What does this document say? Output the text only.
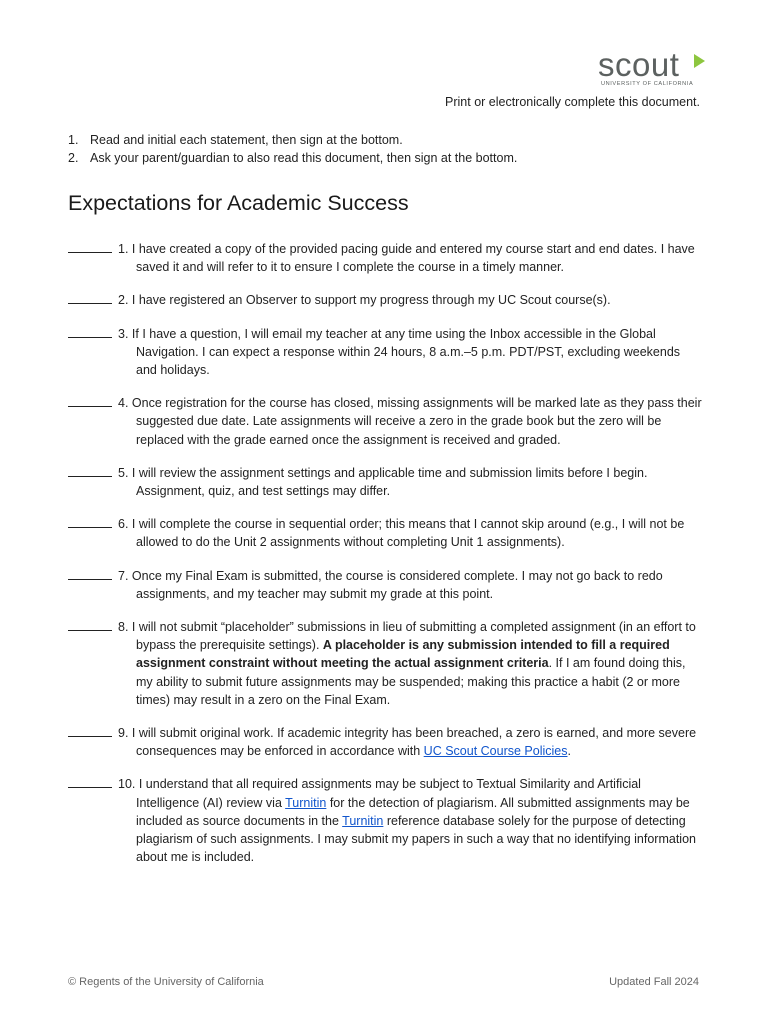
scout
UNIVERSITY OF CALIFORNIA
Print or electronically complete this document.
1. Read and initial each statement, then sign at the bottom.
2. Ask your parent/guardian to also read this document, then sign at the bottom.
Expectations for Academic Success
1. I have created a copy of the provided pacing guide and entered my course start and end dates. I have saved it and will refer to it to ensure I complete the course in a timely manner.
2. I have registered an Observer to support my progress through my UC Scout course(s).
3. If I have a question, I will email my teacher at any time using the Inbox accessible in the Global Navigation. I can expect a response within 24 hours, 8 a.m.–5 p.m. PDT/PST, excluding weekends and holidays.
4. Once registration for the course has closed, missing assignments will be marked late as they pass their suggested due date. Late assignments will receive a zero in the grade book but the zero will be replaced with the grade earned once the assignment is received and graded.
5. I will review the assignment settings and applicable time and submission limits before I begin. Assignment, quiz, and test settings may differ.
6. I will complete the course in sequential order; this means that I cannot skip around (e.g., I will not be allowed to do the Unit 2 assignments without completing Unit 1 assignments).
7. Once my Final Exam is submitted, the course is considered complete. I may not go back to redo assignments, and my teacher may submit my grade at this point.
8. I will not submit “placeholder” submissions in lieu of submitting a completed assignment (in an effort to bypass the prerequisite settings). A placeholder is any submission intended to fill a required assignment constraint without meeting the actual assignment criteria. If I am found doing this, my ability to submit future assignments may be suspended; making this practice a habit (2 or more times) may result in a zero on the Final Exam.
9. I will submit original work. If academic integrity has been breached, a zero is earned, and more severe consequences may be enforced in accordance with UC Scout Course Policies.
10. I understand that all required assignments may be subject to Textual Similarity and Artificial Intelligence (AI) review via Turnitin for the detection of plagiarism. All submitted assignments may be included as source documents in the Turnitin reference database solely for the purpose of detecting plagiarism of such assignments. I may submit my papers in such a way that no identifying information about me is included.
© Regents of the University of California	Updated Fall 2024
